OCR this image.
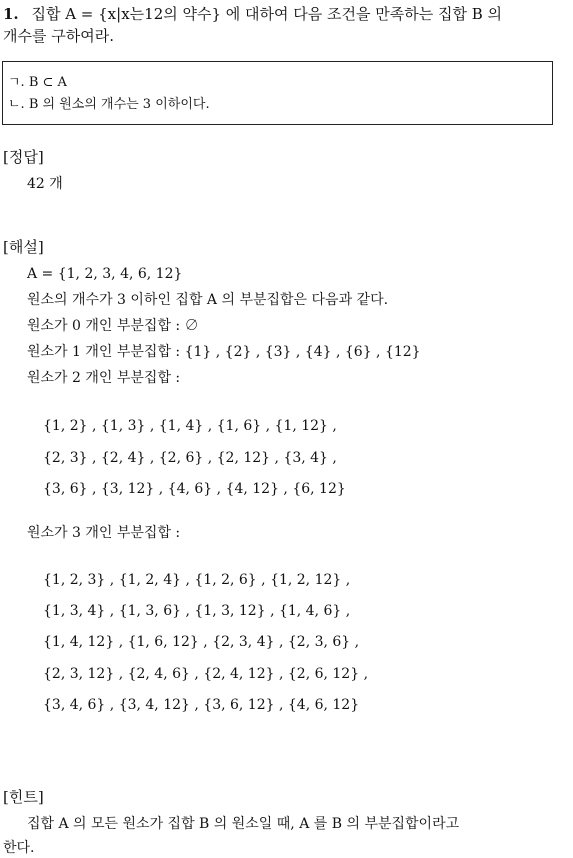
1. 집합 A = {x|x는12의 약수} 에 대하여 다음 조건을 만족하는 집합 B 의
개수를 구하여라.
ㄱ. B ⊂ A
ㄴ. B 의 원소의 개수는 3 이하이다.
[정답]
42 개
[해설]
A = {1, 2, 3, 4, 6, 12}
원소의 개수가 3 이하인 집합 A 의 부분집합은 다음과 같다.
원소가 0 개인 부분집합 : ∅
원소가 1 개인 부분집합 : {1} , {2} , {3} , {4} , {6} , {12}
원소가 2 개인 부분집합 :
{1, 2} , {1, 3} , {1, 4} , {1, 6} , {1, 12} ,
{2, 3} , {2, 4} , {2, 6} , {2, 12} , {3, 4} ,
{3, 6} , {3, 12} , {4, 6} , {4, 12} , {6, 12}
원소가 3 개인 부분집합 :
{1, 2, 3} , {1, 2, 4} , {1, 2, 6} , {1, 2, 12} ,
{1, 3, 4} , {1, 3, 6} , {1, 3, 12} , {1, 4, 6} ,
{1, 4, 12} , {1, 6, 12} , {2, 3, 4} , {2, 3, 6} ,
{2, 3, 12} , {2, 4, 6} , {2, 4, 12} , {2, 6, 12} ,
{3, 4, 6} , {3, 4, 12} , {3, 6, 12} , {4, 6, 12}
[힌트]
집합 A 의 모든 원소가 집합 B 의 원소일 때, A 를 B 의 부분집합이라고
한다.
